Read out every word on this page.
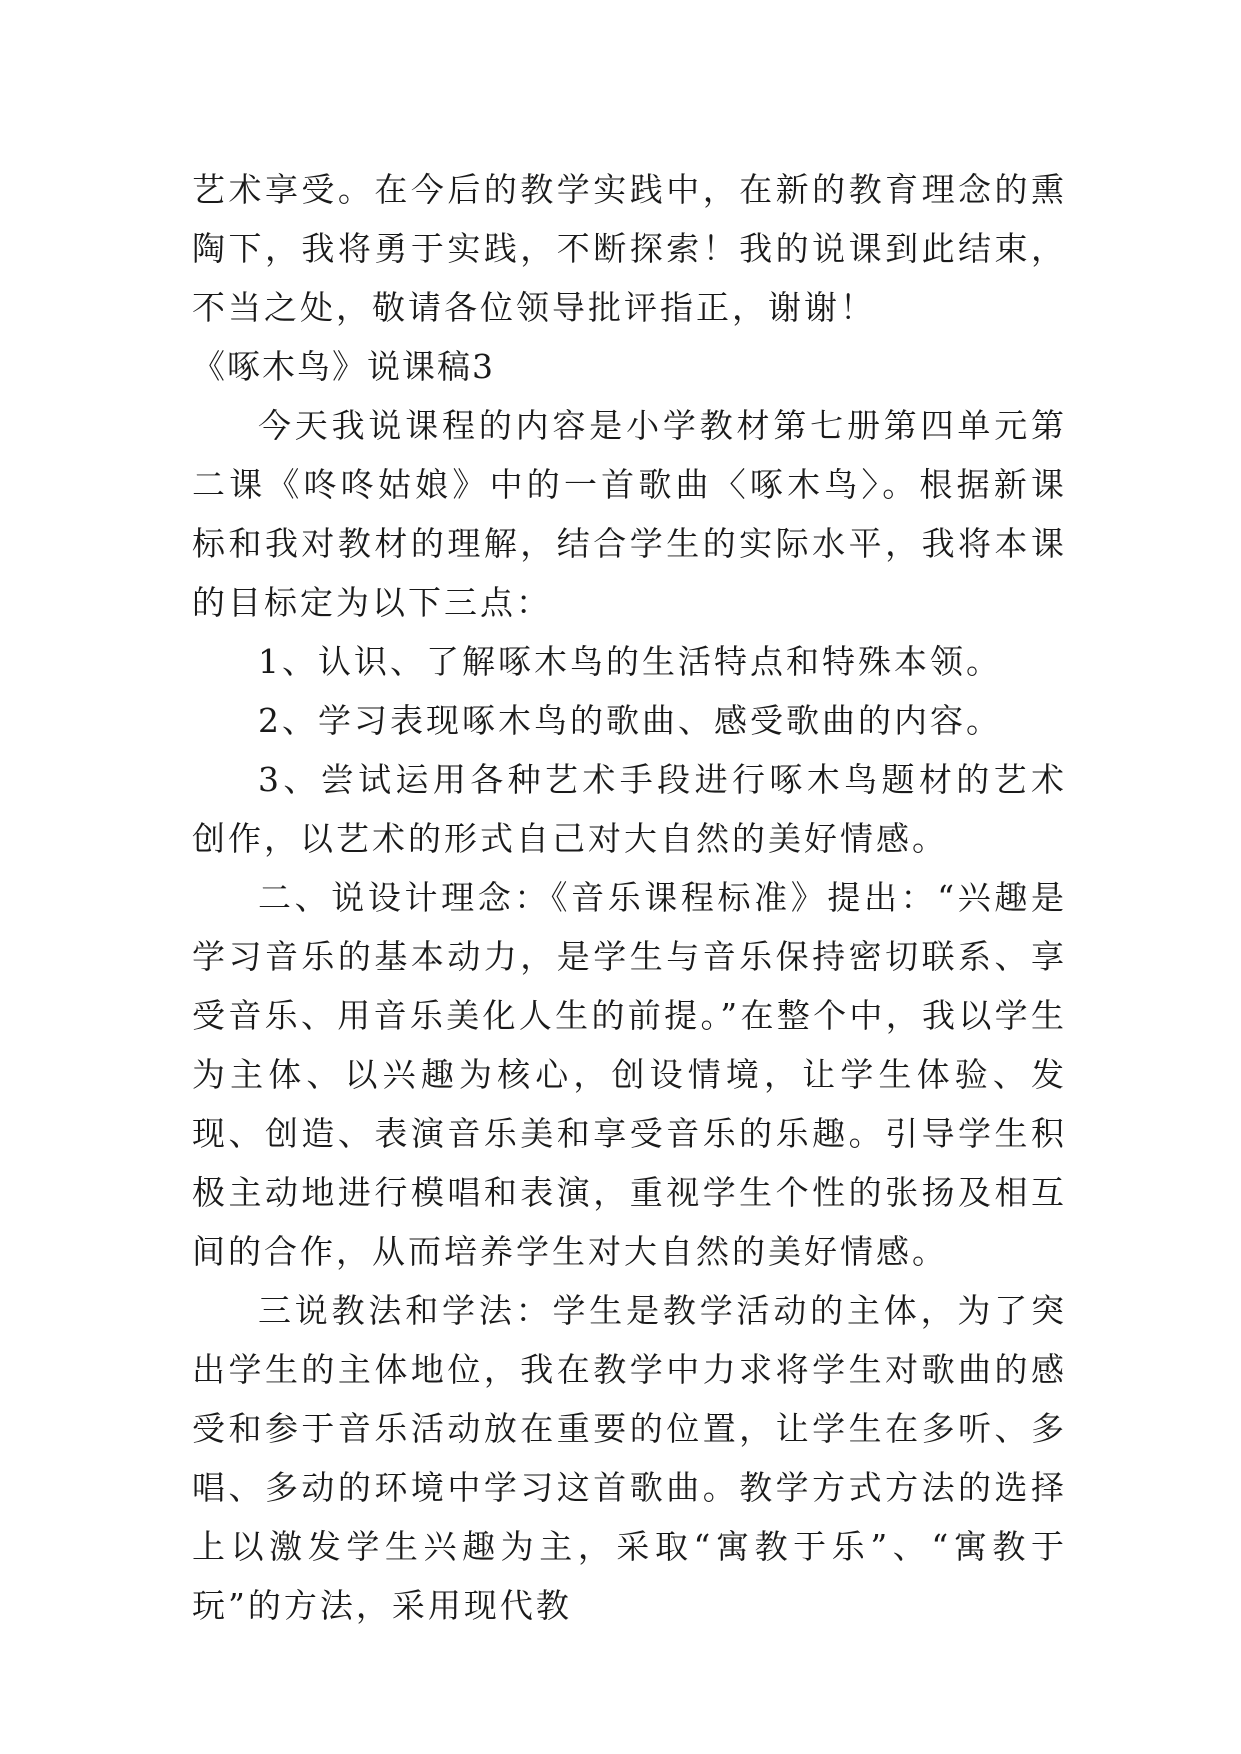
艺术享受。在今后的教学实践中，在新的教育理念的熏陶下，我将勇于实践，不断探索！我的说课到此结束，不当之处，敬请各位领导批评指正，谢谢！

《啄木鸟》说课稿3

今天我说课程的内容是小学教材第七册第四单元第二课《咚咚姑娘》中的一首歌曲〈啄木鸟〉。根据新课标和我对教材的理解，结合学生的实际水平，我将本课的目标定为以下三点：

1、认识、了解啄木鸟的生活特点和特殊本领。

2、学习表现啄木鸟的歌曲、感受歌曲的内容。

3、尝试运用各种艺术手段进行啄木鸟题材的艺术创作，以艺术的形式自己对大自然的美好情感。

二、说设计理念：《音乐课程标准》提出：“兴趣是学习音乐的基本动力，是学生与音乐保持密切联系、享受音乐、用音乐美化人生的前提。”在整个中，我以学生为主体、以兴趣为核心，创设情境，让学生体验、发现、创造、表演音乐美和享受音乐的乐趣。引导学生积极主动地进行模唱和表演，重视学生个性的张扬及相互间的合作，从而培养学生对大自然的美好情感。

三说教法和学法：学生是教学活动的主体，为了突出学生的主体地位，我在教学中力求将学生对歌曲的感受和参于音乐活动放在重要的位置，让学生在多听、多唱、多动的环境中学习这首歌曲。教学方式方法的选择上以激发学生兴趣为主，采取“寓教于乐”、“寓教于玩”的方法，采用现代教
